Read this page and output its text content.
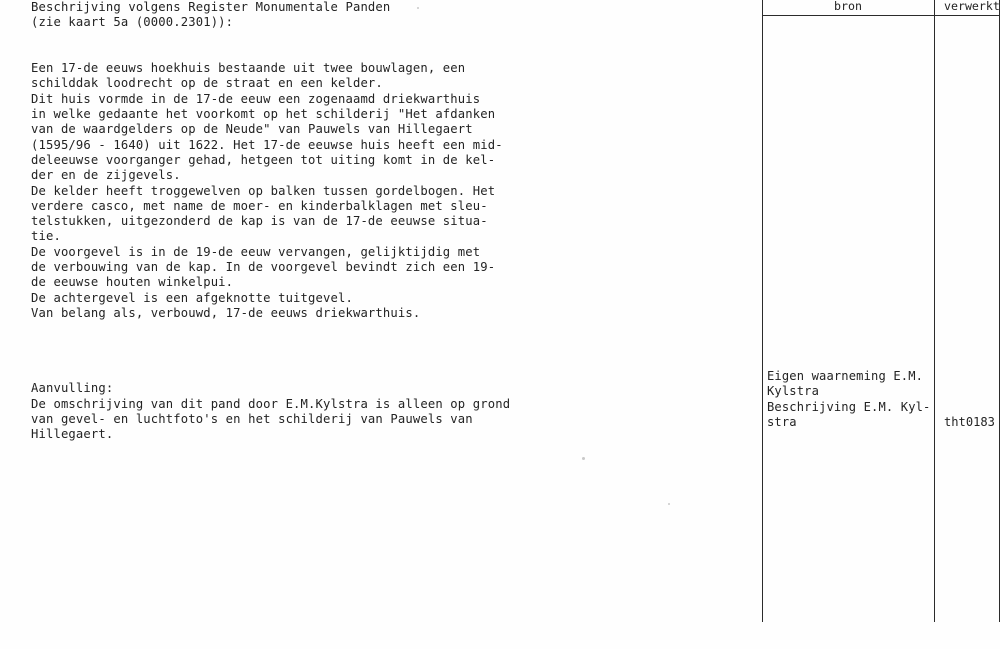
Beschrijving volgens Register Monumentale Panden
(zie kaart 5a (0000.2301)):
Een 17-de eeuws hoekhuis bestaande uit twee bouwlagen, een
schilddak loodrecht op de straat en een kelder.
Dit huis vormde in de 17-de eeuw een zogenaamd driekwarthuis
in welke gedaante het voorkomt op het schilderij "Het afdanken
van de waardgelders op de Neude" van Pauwels van Hillegaert
(1595/96 - 1640) uit 1622. Het 17-de eeuwse huis heeft een mid-
deleeuwse voorganger gehad, hetgeen tot uiting komt in de kel-
der en de zijgevels.
De kelder heeft troggewelven op balken tussen gordelbogen. Het
verdere casco, met name de moer- en kinderbalklagen met sleu-
telstukken, uitgezonderd de kap is van de 17-de eeuwse situa-
tie.
De voorgevel is in de 19-de eeuw vervangen, gelijktijdig met
de verbouwing van de kap. In de voorgevel bevindt zich een 19-
de eeuwse houten winkelpui.
De achtergevel is een afgeknotte tuitgevel.
Van belang als, verbouwd, 17-de eeuws driekwarthuis.
Aanvulling:
De omschrijving van dit pand door E.M.Kylstra is alleen op grond
van gevel- en luchtfoto's en het schilderij van Pauwels van
Hillegaert.
bron	verwerkt
Eigen waarneming E.M.
Kylstra
Beschrijving E.M. Kyl-
stra	tht0183
